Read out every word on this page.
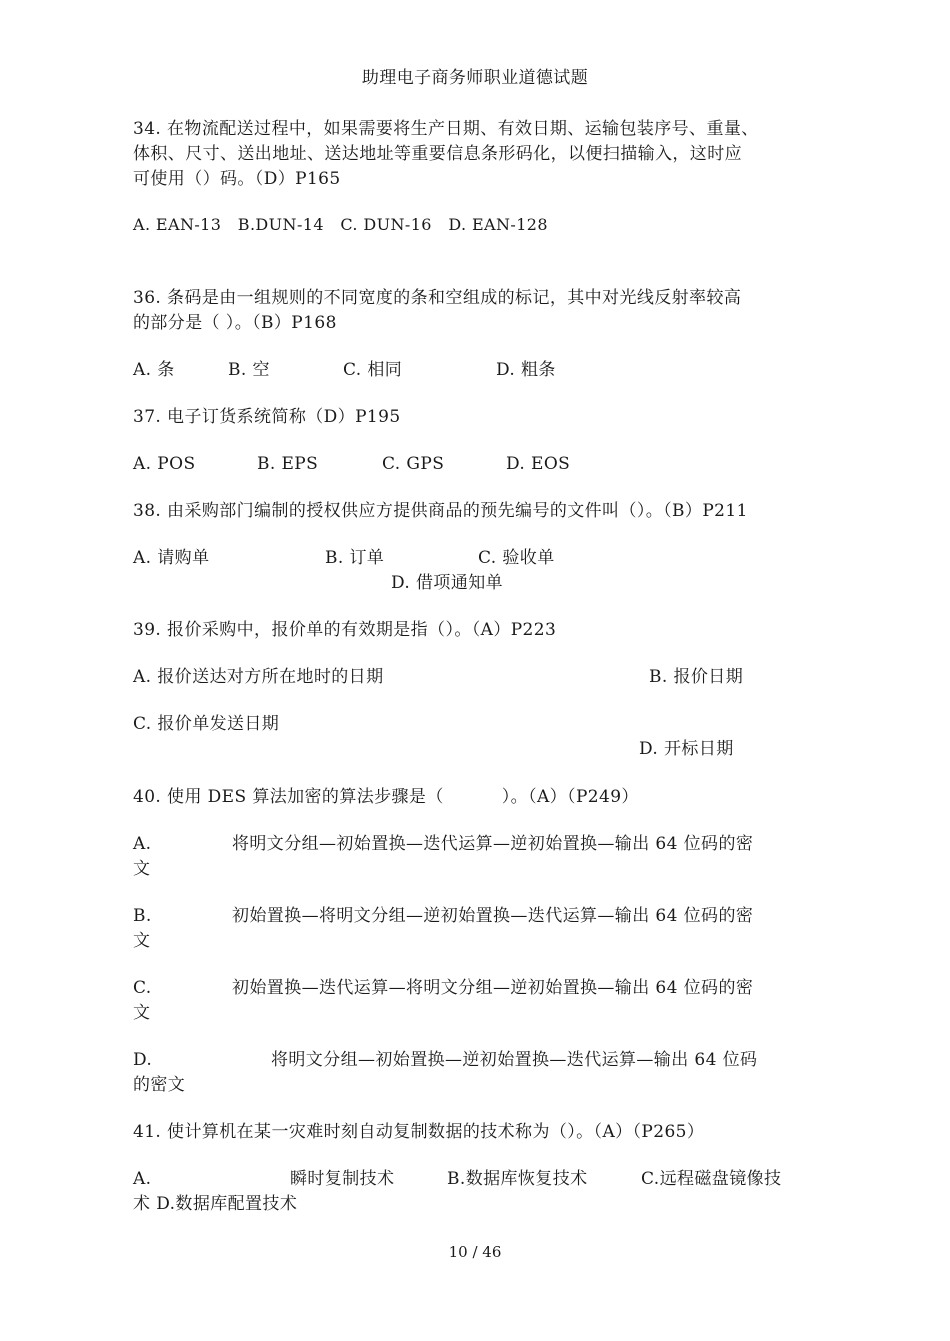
助理电子商务师职业道德试题
34. 在物流配送过程中，如果需要将生产日期、有效日期、运输包装序号、重量、
体积、尺寸、送出地址、送达地址等重要信息条形码化，以便扫描输入，这时应
可使用（）码。（D）P165
A. EAN-13   B.DUN-14   C. DUN-16   D. EAN-128
36. 条码是由一组规则的不同宽度的条和空组成的标记，其中对光线反射率较高
的部分是（ ）。（B）P168
A. 条	B. 空	C. 相同	D. 粗条
37. 电子订货系统简称（D）P195
A. POS	B. EPS	C. GPS	D. EOS
38. 由采购部门编制的授权供应方提供商品的预先编号的文件叫（）。（B）P211
A. 请购单	B. 订单	C. 验收单
D. 借项通知单
39. 报价采购中，报价单的有效期是指（）。（A）P223
A. 报价送达对方所在地时的日期	B. 报价日期
C. 报价单发送日期
D. 开标日期
40. 使用 DES 算法加密的算法步骤是（          ）。（A）（P249）
A.	将明文分组—初始置换—迭代运算—逆初始置换—输出 64 位码的密
文
B.	初始置换—将明文分组—逆初始置换—迭代运算—输出 64 位码的密
文
C.	初始置换—迭代运算—将明文分组—逆初始置换—输出 64 位码的密
文
D.	将明文分组—初始置换—逆初始置换—迭代运算—输出 64 位码
的密文
41. 使计算机在某一灾难时刻自动复制数据的技术称为（）。（A）（P265）
A.	瞬时复制技术	B.数据库恢复技术	C.远程磁盘镜像技
术 D.数据库配置技术
10 / 46
